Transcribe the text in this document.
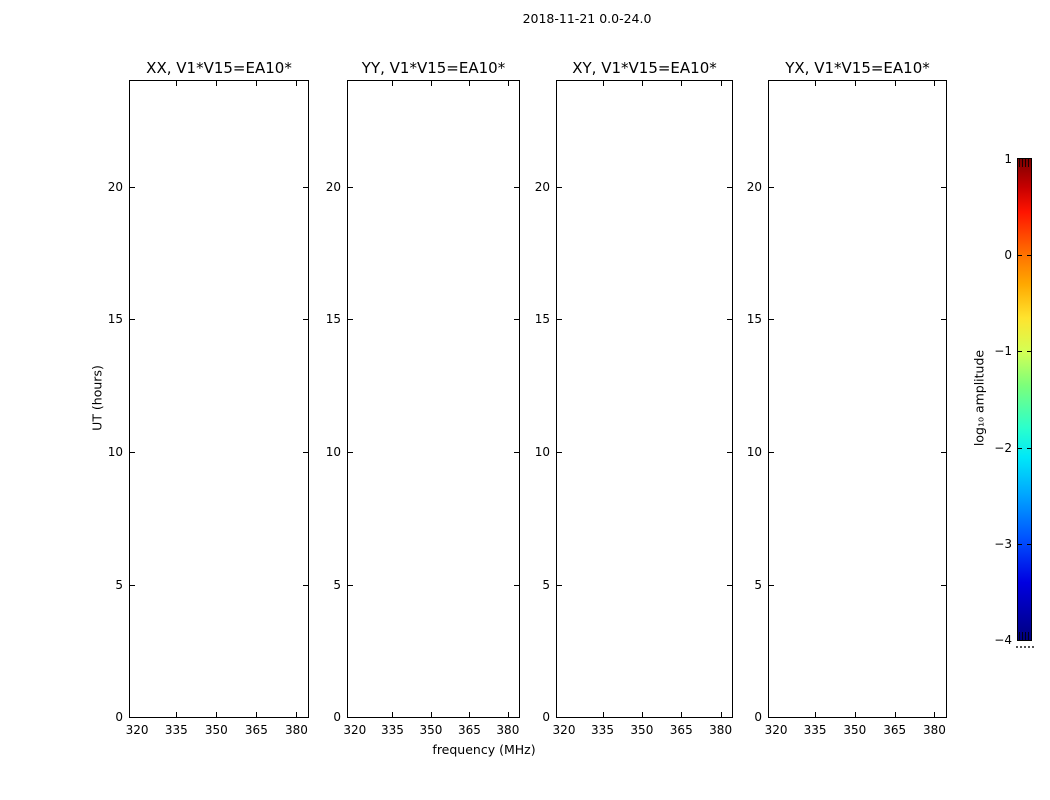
2018-11-21 0.0-24.0
XX, V1*V15=EA10*
20
15
10
5
0
320 335 350 365 380
YY, V1*V15=EA10*
20
15
10
5
0
320 335 350 365 380
XY, V1*V15=EA10*
20
15
10
5
0
320 335 350 365 380
YX, V1*V15=EA10*
20
15
10
5
0
320 335 350 365 380
frequency (MHz)
UT (hours)
1
0
−1
−2
−3
−4
log₁₀ amplitude
